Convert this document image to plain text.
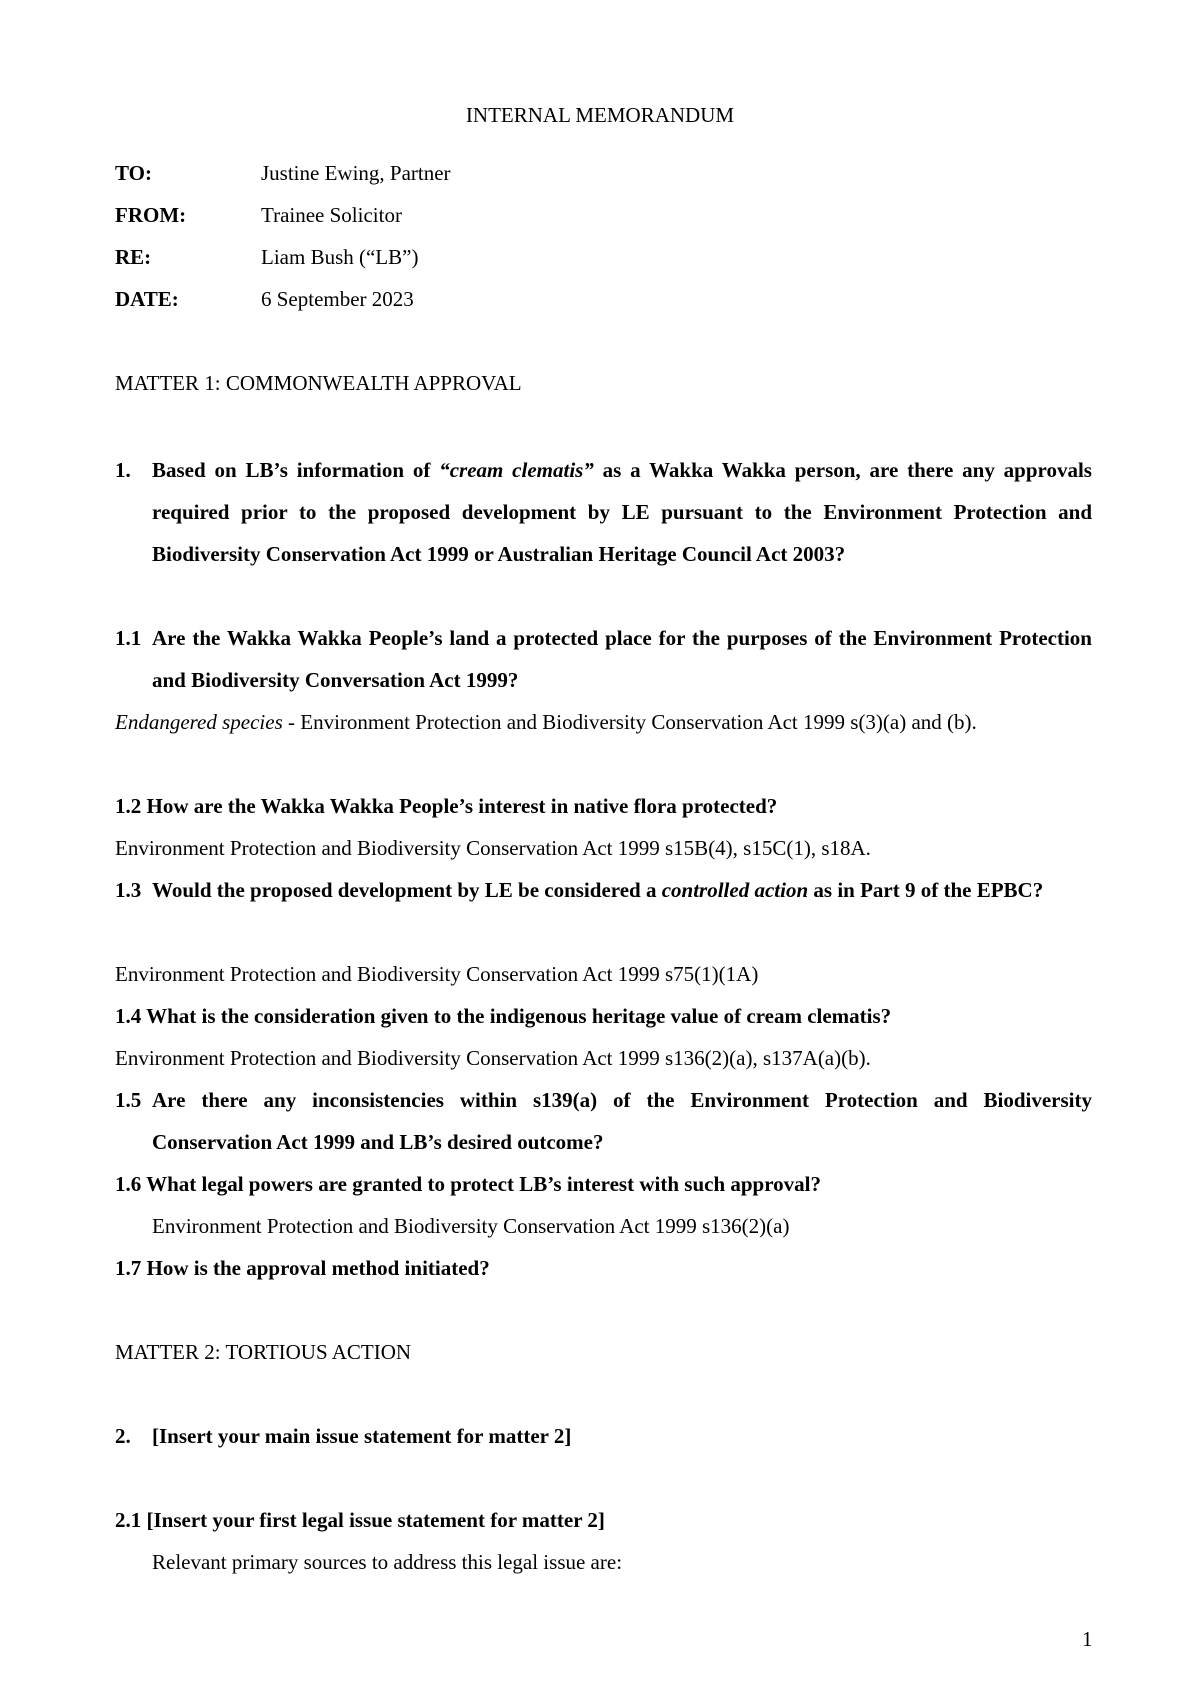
INTERNAL MEMORANDUM
TO:	Justine Ewing, Partner
FROM:	Trainee Solicitor
RE:	Liam Bush (“LB”)
DATE:	6 September 2023
MATTER 1: COMMONWEALTH APPROVAL
1. Based on LB’s information of “cream clematis” as a Wakka Wakka person, are there any approvals required prior to the proposed development by LE pursuant to the Environment Protection and Biodiversity Conservation Act 1999 or Australian Heritage Council Act 2003?
1.1 Are the Wakka Wakka People’s land a protected place for the purposes of the Environment Protection and Biodiversity Conversation Act 1999?
Endangered species - Environment Protection and Biodiversity Conservation Act 1999 s(3)(a) and (b).
1.2 How are the Wakka Wakka People’s interest in native flora protected?
Environment Protection and Biodiversity Conservation Act 1999 s15B(4), s15C(1), s18A.
1.3 Would the proposed development by LE be considered a controlled action as in Part 9 of the EPBC?
Environment Protection and Biodiversity Conservation Act 1999 s75(1)(1A)
1.4 What is the consideration given to the indigenous heritage value of cream clematis?
Environment Protection and Biodiversity Conservation Act 1999 s136(2)(a), s137A(a)(b).
1.5 Are there any inconsistencies within s139(a) of the Environment Protection and Biodiversity Conservation Act 1999 and LB’s desired outcome?
1.6 What legal powers are granted to protect LB’s interest with such approval?
Environment Protection and Biodiversity Conservation Act 1999 s136(2)(a)
1.7 How is the approval method initiated?
MATTER 2: TORTIOUS ACTION
2. [Insert your main issue statement for matter 2]
2.1 [Insert your first legal issue statement for matter 2]
Relevant primary sources to address this legal issue are:
1
